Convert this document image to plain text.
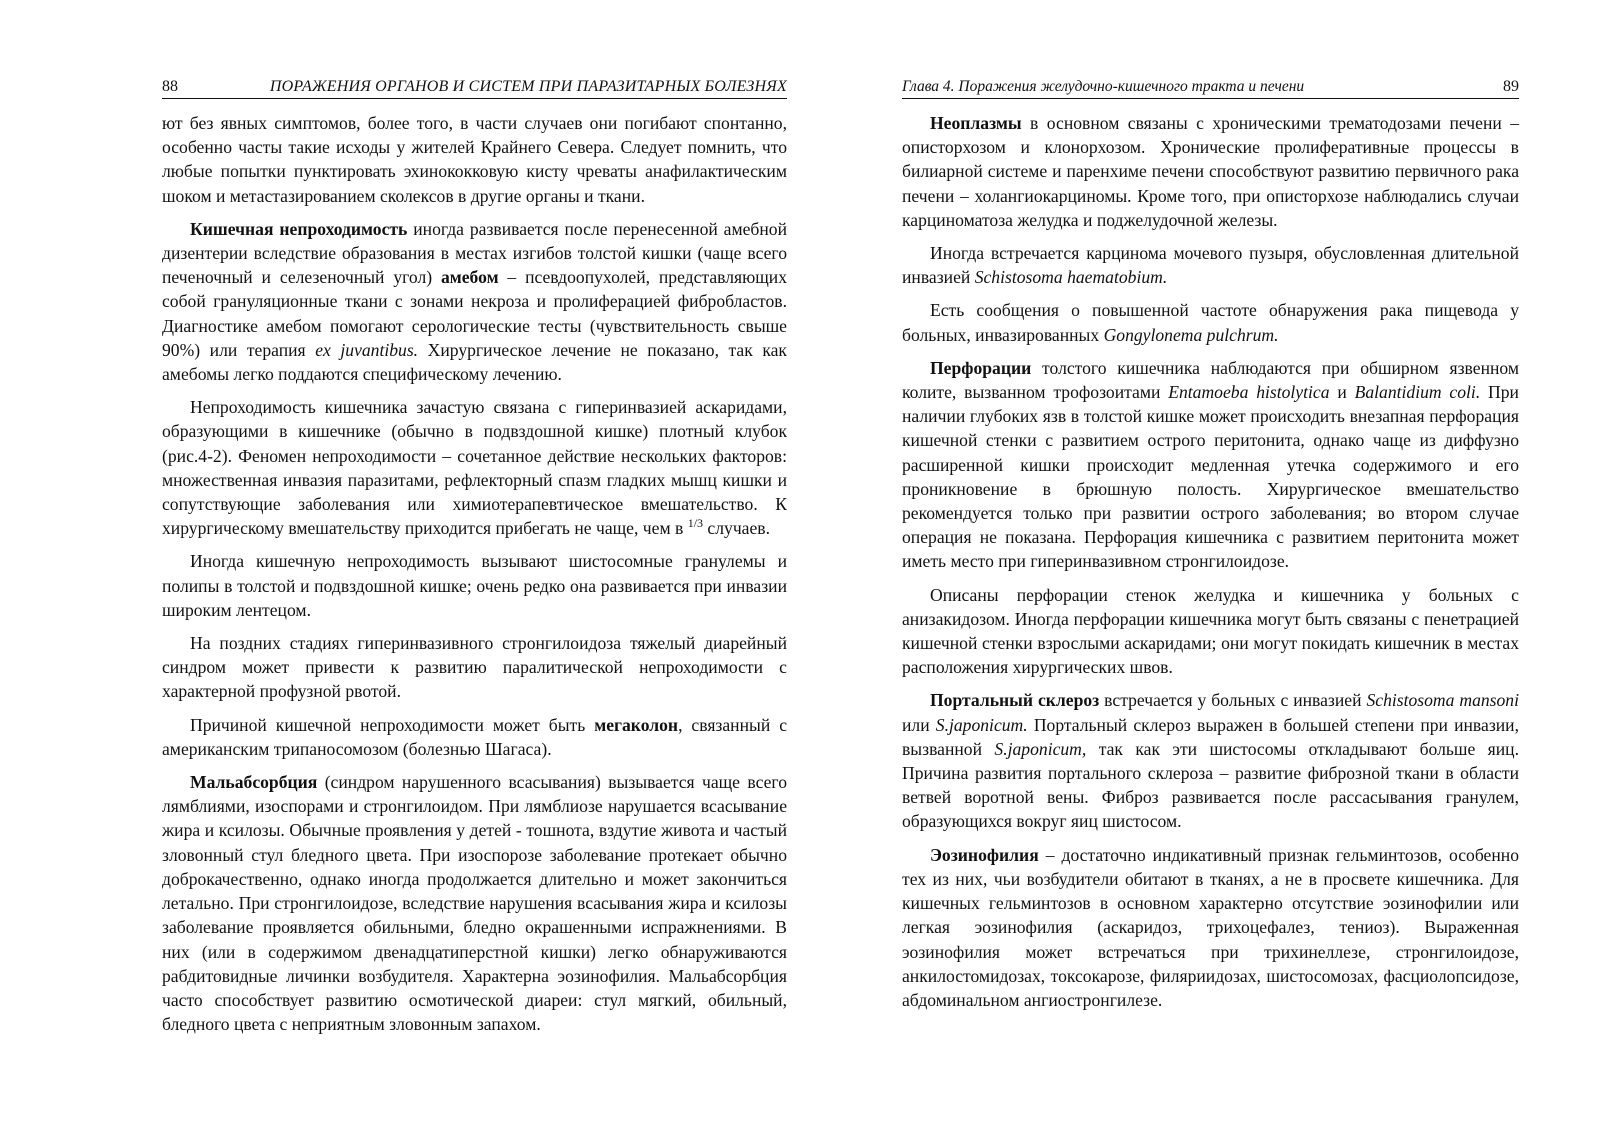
88	ПОРАЖЕНИЯ ОРГАНОВ И СИСТЕМ ПРИ ПАРАЗИТАРНЫХ БОЛЕЗНЯХ

ют без явных симптомов, более того, в части случаев они погибают спонтанно, особенно часты такие исходы у жителей Крайнего Севера. Следует помнить, что любые попытки пунктировать эхинококковую кисту чреваты анафилактическим шоком и метастазированием сколексов в другие органы и ткани.

Кишечная непроходимость иногда развивается после перенесенной амебной дизентерии вследствие образования в местах изгибов толстой кишки (чаще всего печеночный и селезеночный угол) амебом – псевдоопухолей, представляющих собой грануляционные ткани с зонами некроза и пролиферацией фибробластов. Диагностике амебом помогают серологические тесты (чувствительность свыше 90%) или терапия ex juvantibus. Хирургическое лечение не показано, так как амебомы легко поддаются специфическому лечению.

Непроходимость кишечника зачастую связана с гиперинвазией аскаридами, образующими в кишечнике (обычно в подвздошной кишке) плотный клубок (рис.4-2). Феномен непроходимости – сочетанное действие нескольких факторов: множественная инвазия паразитами, рефлекторный спазм гладких мышц кишки и сопутствующие заболевания или химиотерапевтическое вмешательство. К хирургическому вмешательству приходится прибегать не чаще, чем в $^{1/3}$ случаев.

Иногда кишечную непроходимость вызывают шистосомные гранулемы и полипы в толстой и подвздошной кишке; очень редко она развивается при инвазии широким лентецом.

На поздних стадиях гиперинвазивного стронгилоидоза тяжелый диарейный синдром может привести к развитию паралитической непроходимости с характерной профузной рвотой.

Причиной кишечной непроходимости может быть мегаколон, связанный с американским трипаносомозом (болезнью Шагаса).

Мальабсорбция (синдром нарушенного всасывания) вызывается чаще всего лямблиями, изоспорами и стронгилоидом. При лямблиозе нарушается всасывание жира и ксилозы. Обычные проявления у детей - тошнота, вздутие живота и частый зловонный стул бледного цвета. При изоспорозе заболевание протекает обычно доброкачественно, однако иногда продолжается длительно и может закончиться летально. При стронгилоидозе, вследствие нарушения всасывания жира и ксилозы заболевание проявляется обильными, бледно окрашенными испражнениями. В них (или в содержимом двенадцатиперстной кишки) легко обнаруживаются рабдитовидные личинки возбудителя. Характерна эозинофилия. Мальабсорбция часто способствует развитию осмотической диареи: стул мягкий, обильный, бледного цвета с неприятным зловонным запахом.

Глава 4. Поражения желудочно-кишечного тракта и печени	89

Неоплазмы в основном связаны с хроническими трематодозами печени – описторхозом и клонорхозом. Хронические пролиферативные процессы в билиарной системе и паренхиме печени способствуют развитию первичного рака печени – холангиокарциномы. Кроме того, при описторхозе наблюдались случаи карциноматоза желудка и поджелудочной железы.

Иногда встречается карцинома мочевого пузыря, обусловленная длительной инвазией Schistosoma haematobium.

Есть сообщения о повышенной частоте обнаружения рака пищевода у больных, инвазированных Gongylonema pulchrum.

Перфорации толстого кишечника наблюдаются при обширном язвенном колите, вызванном трофозоитами Entamoeba histolytica и Balantidium coli. При наличии глубоких язв в толстой кишке может происходить внезапная перфорация кишечной стенки с развитием острого перитонита, однако чаще из диффузно расширенной кишки происходит медленная утечка содержимого и его проникновение в брюшную полость. Хирургическое вмешательство рекомендуется только при развитии острого заболевания; во втором случае операция не показана. Перфорация кишечника с развитием перитонита может иметь место при гиперинвазивном стронгилоидозе.

Описаны перфорации стенок желудка и кишечника у больных с анизакидозом. Иногда перфорации кишечника могут быть связаны с пенетрацией кишечной стенки взрослыми аскаридами; они могут покидать кишечник в местах расположения хирургических швов.

Портальный склероз встречается у больных с инвазией Schistosoma mansoni или S.japonicum. Портальный склероз выражен в большей степени при инвазии, вызванной S.japonicum, так как эти шистосомы откладывают больше яиц. Причина развития портального склероза – развитие фиброзной ткани в области ветвей воротной вены. Фиброз развивается после рассасывания гранулем, образующихся вокруг яиц шистосом.

Эозинофилия – достаточно индикативный признак гельминтозов, особенно тех из них, чьи возбудители обитают в тканях, а не в просвете кишечника. Для кишечных гельминтозов в основном характерно отсутствие эозинофилии или легкая эозинофилия (аскаридоз, трихоцефалез, тениоз). Выраженная эозинофилия может встречаться при трихинеллезе, стронгилоидозе, анкилостомидозах, токсокарозе, филяриидозах, шистосомозах, фасциолопсидозе, абдоминальном ангиостронгилезе.
